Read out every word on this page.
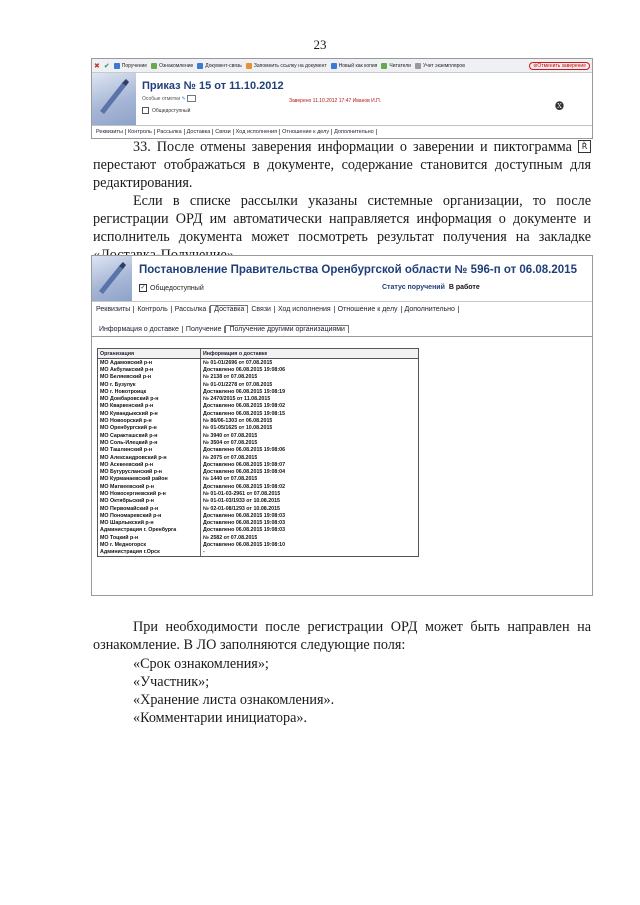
23
✖ ✔ Поручение Ознакомление Документ-связь Запомнить ссылку на документ Новый как копия Читатели Учет экземпляров	⊘ Отменить заверение
Приказ № 15 от 11.10.2012
Особые отметки ✎
Общедоступный
Заверено 11.10.2012 17:47 Иванов И.П.	🅧
Реквизиты Контроль Рассылка Доставка Связи Ход исполнения Отношение к делу Дополнительно
33. После отмены заверения информации о заверении и пиктограмма Ř перестают отображаться в документе, содержание становится доступным для редактирования.
Если в списке рассылки указаны системные организации, то после регистрации ОРД им автоматически направляется информация о документе и исполнитель документа может посмотреть результат получения на закладке
Постановление Правительства Оренбургской области № 596-п от 06.08.2015
✓ Общедоступный	Статус поручений В работе
Реквизиты	Контроль	Рассылка	Доставка	Связи	Ход исполнения	Отношение к делу	Дополнительно
Информация о доставке	Получение	Получение другими организациями
Организация	Информация о доставке
МО Адамовский р-н	№ 01-01/2696 от 07.08.2015
МО Акбулакский р-н	Доставлено 06.08.2015 19:08:06
МО Беляевский р-н	№ 2138 от 07.08.2015
МО г. Бузулук	№ 01-01/2278 от 07.08.2015
МО г. Новотроицк	Доставлено 06.08.2015 19:08:19
МО Домбаровский р-н	№ 2470/2015 от 11.08.2015
МО Кваркенский р-н	Доставлено 06.08.2015 19:08:02
МО Кувандыкский р-н	Доставлено 06.08.2015 19:08:15
МО Новоорский р-н	№ 86/06-1303 от 06.08.2015
МО Оренбургский р-н	№ 01-05/1625 от 10.08.2015
МО Саракташский р-н	№ 3940 от 07.08.2015
МО Соль-Илецкий р-н	№ 3504 от 07.08.2015
МО Ташлинский р-н	Доставлено 06.08.2015 19:08:06
МО Александровский р-н	№ 2075 от 07.08.2015
МО Асекеевский р-н	Доставлено 06.08.2015 19:08:07
МО Бугурусланский р-н	Доставлено 06.08.2015 19:08:04
МО Курманаевский район	№ 1440 от 07.08.2015
МО Матвеевский р-н	Доставлено 06.08.2015 19:08:02
МО Новосергиевский р-н	№ 01-01-03-2961 от 07.08.2015
МО Октябрьский р-н	№ 01-01-03/1933 от 10.08.2015
МО Первомайский р-н	№ 02-01-08/1293 от 10.08.2015
МО Пономаревский р-н	Доставлено 06.08.2015 19:08:03
МО Шарлыкский р-н	Доставлено 06.08.2015 19:08:03
Администрация г. Оренбурга	Доставлено 06.08.2015 19:08:03
МО Тоцкий р-н	№ 2582 от 07.08.2015
МО г. Медногорск	Доставлено 06.08.2015 19:08:10
Администрация г.Орск	-
При необходимости после регистрации ОРД может быть направлен на ознакомление. В ЛО заполняются следующие поля:
«Срок ознакомления»;
«Участник»;
«Хранение листа ознакомления».
«Комментарии инициатора».
